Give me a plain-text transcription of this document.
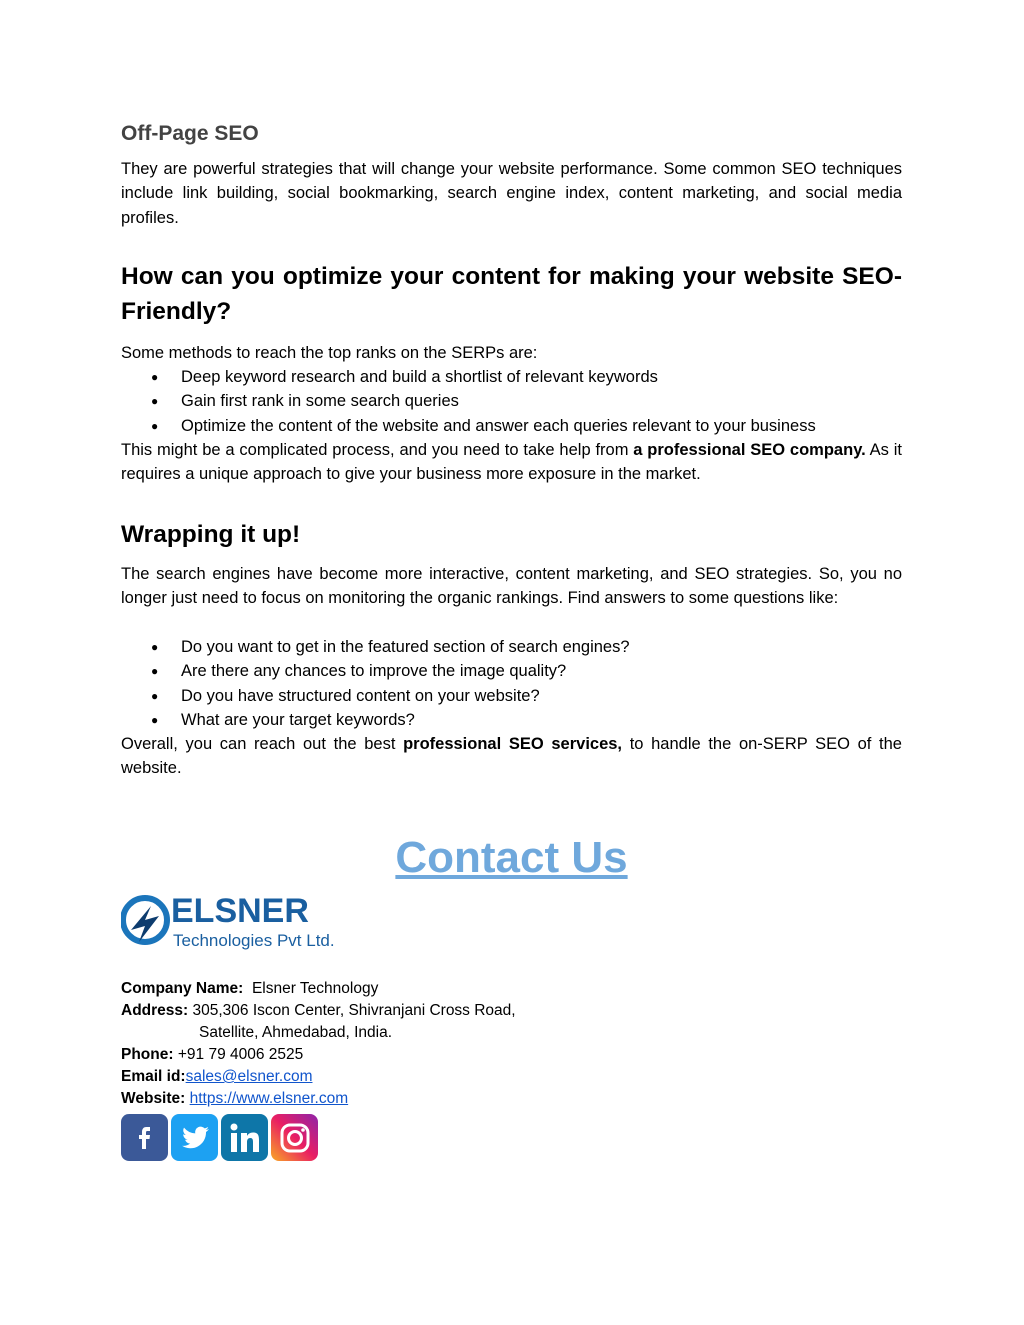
Off-Page SEO

They are powerful strategies that will change your website performance. Some common SEO techniques include link building, social bookmarking, search engine index, content marketing, and social media profiles.

How can you optimize your content for making your website SEO-Friendly?

Some methods to reach the top ranks on the SERPs are:

● Deep keyword research and build a shortlist of relevant keywords
● Gain first rank in some search queries
● Optimize the content of the website and answer each queries relevant to your business

This might be a complicated process, and you need to take help from a professional SEO company. As it requires a unique approach to give your business more exposure in the market.

Wrapping it up!

The search engines have become more interactive, content marketing, and SEO strategies. So, you no longer just need to focus on monitoring the organic rankings. Find answers to some questions like:

● Do you want to get in the featured section of search engines?
● Are there any chances to improve the image quality?
● Do you have structured content on your website?
● What are your target keywords?

Overall, you can reach out the best professional SEO services, to handle the on-SERP SEO of the website.

Contact Us
ELSNER
Technologies Pvt Ltd.

Company Name: Elsner Technology

Address: 305,306 Iscon Center, Shivranjani Cross Road,

Satellite, Ahmedabad, India.

Phone: +91 79 4006 2525

Email id:sales@elsner.com

Website: https://www.elsner.com
